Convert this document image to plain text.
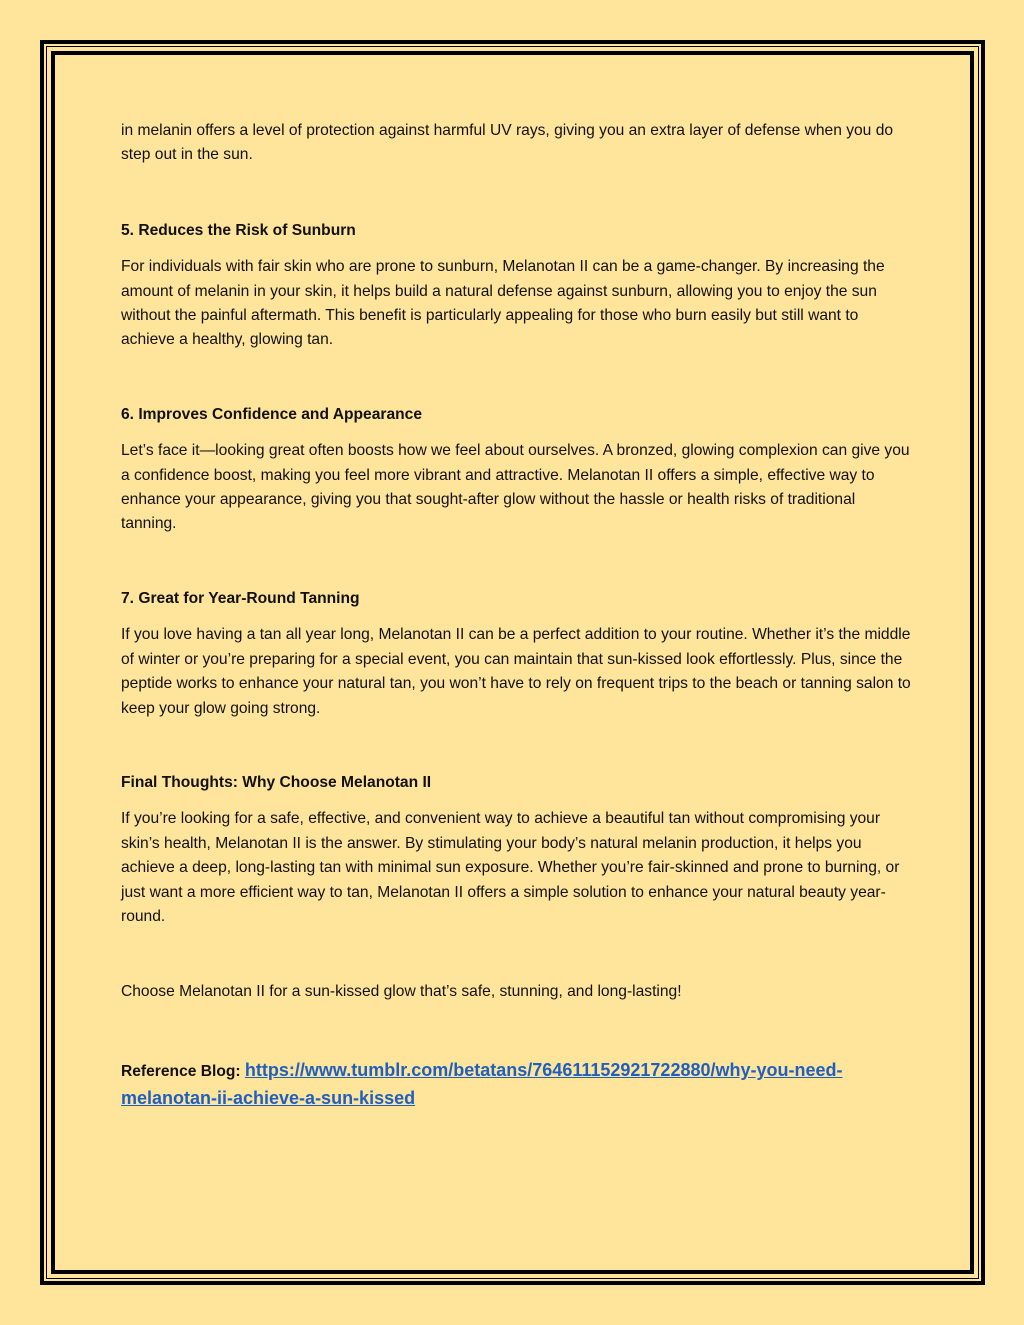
in melanin offers a level of protection against harmful UV rays, giving you an extra layer of defense when you do step out in the sun.

5. Reduces the Risk of Sunburn

For individuals with fair skin who are prone to sunburn, Melanotan II can be a game-changer. By increasing the amount of melanin in your skin, it helps build a natural defense against sunburn, allowing you to enjoy the sun without the painful aftermath. This benefit is particularly appealing for those who burn easily but still want to achieve a healthy, glowing tan.

6. Improves Confidence and Appearance

Let’s face it—looking great often boosts how we feel about ourselves. A bronzed, glowing complexion can give you a confidence boost, making you feel more vibrant and attractive. Melanotan II offers a simple, effective way to enhance your appearance, giving you that sought-after glow without the hassle or health risks of traditional tanning.

7. Great for Year-Round Tanning

If you love having a tan all year long, Melanotan II can be a perfect addition to your routine. Whether it’s the middle of winter or you’re preparing for a special event, you can maintain that sun-kissed look effortlessly. Plus, since the peptide works to enhance your natural tan, you won’t have to rely on frequent trips to the beach or tanning salon to keep your glow going strong.

Final Thoughts: Why Choose Melanotan II

If you’re looking for a safe, effective, and convenient way to achieve a beautiful tan without compromising your skin’s health, Melanotan II is the answer. By stimulating your body’s natural melanin production, it helps you achieve a deep, long-lasting tan with minimal sun exposure. Whether you’re fair-skinned and prone to burning, or just want a more efficient way to tan, Melanotan II offers a simple solution to enhance your natural beauty year-round.

Choose Melanotan II for a sun-kissed glow that’s safe, stunning, and long-lasting!

Reference Blog: https://www.tumblr.com/betatans/764611152921722880/why-you-need-melanotan-ii-achieve-a-sun-kissed
